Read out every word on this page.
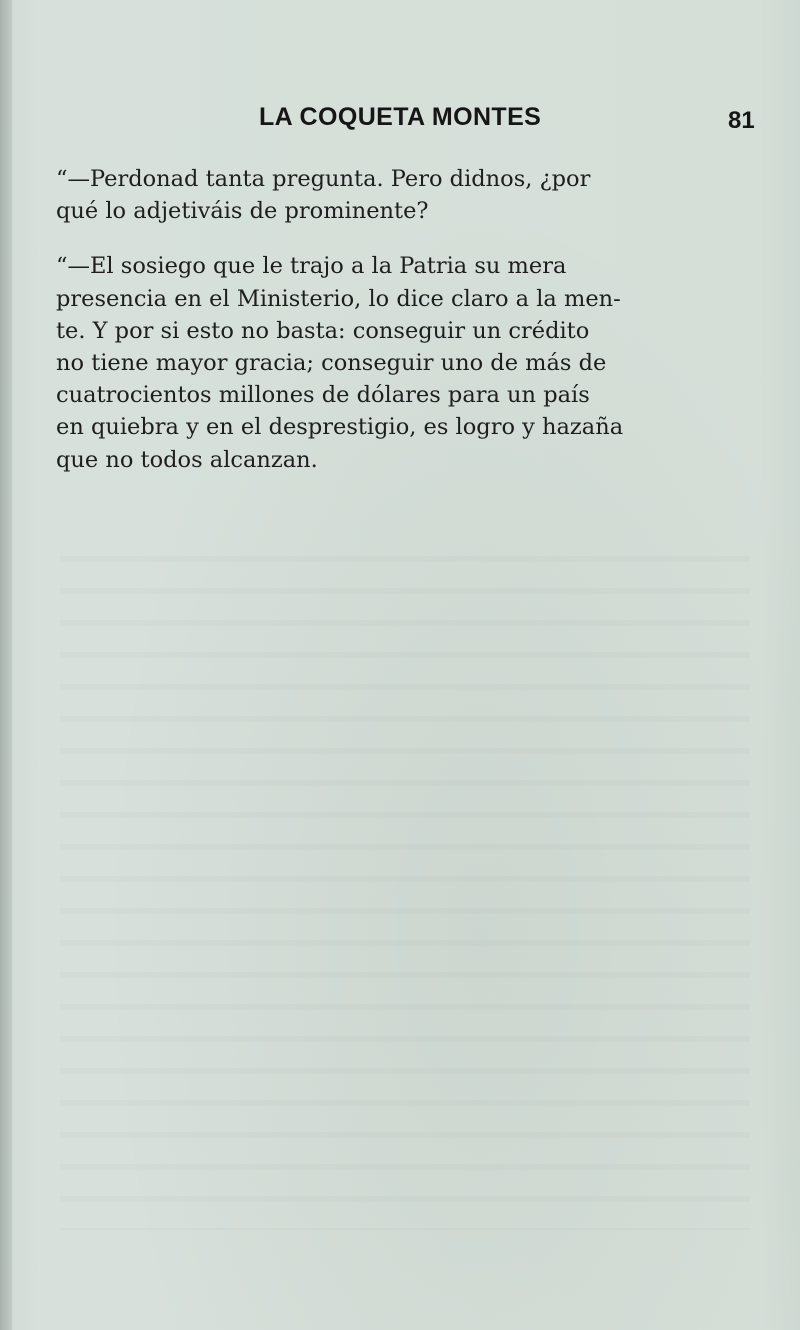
LA COQUETA MONTES	81
“—Perdonad tanta pregunta. Pero didnos, ¿por
qué lo adjetiváis de prominente?
“—El sosiego que le trajo a la Patria su mera
presencia en el Ministerio, lo dice claro a la men-
te. Y por si esto no basta: conseguir un crédito
no tiene mayor gracia; conseguir uno de más de
cuatrocientos millones de dólares para un país
en quiebra y en el desprestigio, es logro y hazaña
que no todos alcanzan.
